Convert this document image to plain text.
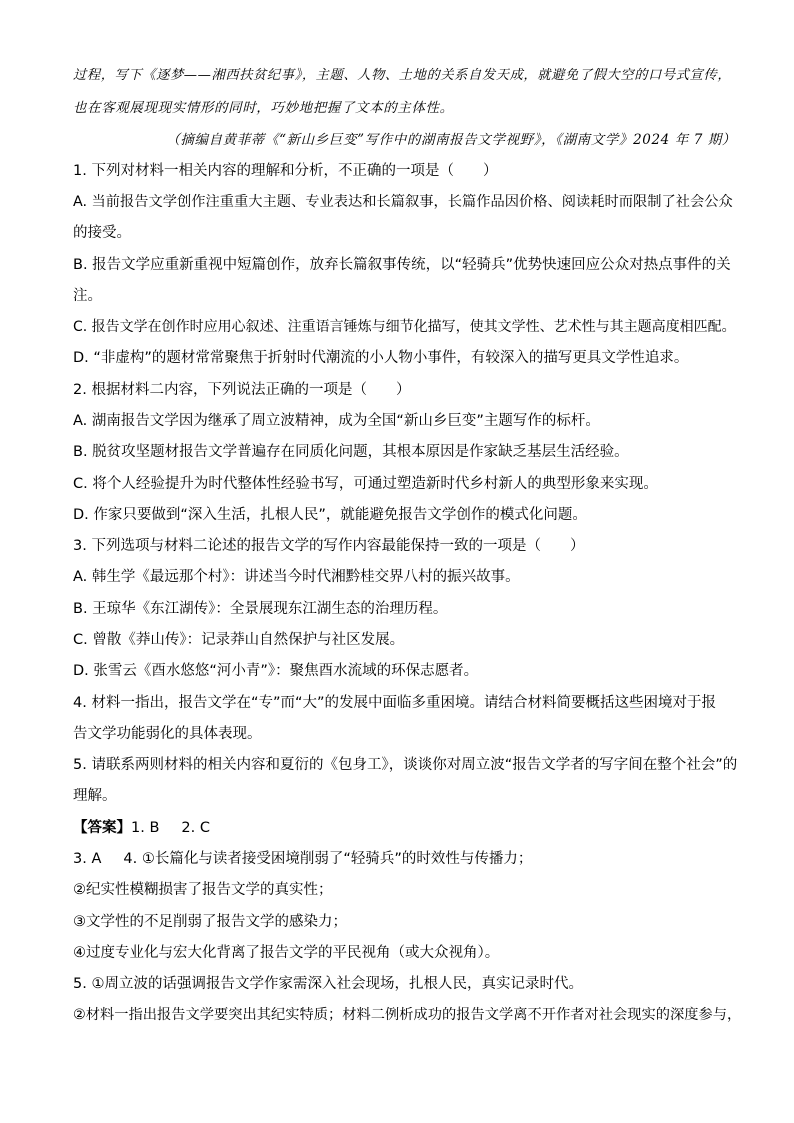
过程，写下《逐梦——湘西扶贫纪事》，主题、人物、土地的关系自发天成，就避免了假大空的口号式宣传，
也在客观展现现实情形的同时，巧妙地把握了文本的主体性。
（摘编自黄菲蒂《“新山乡巨变”写作中的湖南报告文学视野》，《湖南文学》2024 年 7 期）
1. 下列对材料一相关内容的理解和分析，不正确的一项是（　　）
A. 当前报告文学创作注重重大主题、专业表达和长篇叙事，长篇作品因价格、阅读耗时而限制了社会公众
的接受。
B. 报告文学应重新重视中短篇创作，放弃长篇叙事传统，以“轻骑兵”优势快速回应公众对热点事件的关
注。
C. 报告文学在创作时应用心叙述、注重语言锤炼与细节化描写，使其文学性、艺术性与其主题高度相匹配。
D. “非虚构”的题材常常聚焦于折射时代潮流的小人物小事件，有较深入的描写更具文学性追求。
2. 根据材料二内容，下列说法正确的一项是（　　）
A. 湖南报告文学因为继承了周立波精神，成为全国“新山乡巨变”主题写作的标杆。
B. 脱贫攻坚题材报告文学普遍存在同质化问题，其根本原因是作家缺乏基层生活经验。
C. 将个人经验提升为时代整体性经验书写，可通过塑造新时代乡村新人的典型形象来实现。
D. 作家只要做到“深入生活，扎根人民”，就能避免报告文学创作的模式化问题。
3. 下列选项与材料二论述的报告文学的写作内容最能保持一致的一项是（　　）
A. 韩生学《最远那个村》：讲述当今时代湘黔桂交界八村的振兴故事。
B. 王琼华《东江湖传》：全景展现东江湖生态的治理历程。
C. 曾散《莽山传》：记录莽山自然保护与社区发展。
D. 张雪云《酉水悠悠“河小青”》：聚焦酉水流域的环保志愿者。
4. 材料一指出，报告文学在“专”而“大”的发展中面临多重困境。请结合材料简要概括这些困境对于报
告文学功能弱化的具体表现。
5. 请联系两则材料的相关内容和夏衍的《包身工》，谈谈你对周立波“报告文学者的写字间在整个社会”的
理解。
【答案】1. B 2. C
3. A 4. ①长篇化与读者接受困境削弱了“轻骑兵”的时效性与传播力；
②纪实性模糊损害了报告文学的真实性；
③文学性的不足削弱了报告文学的感染力；
④过度专业化与宏大化背离了报告文学的平民视角（或大众视角）。
5. ①周立波的话强调报告文学作家需深入社会现场，扎根人民，真实记录时代。
②材料一指出报告文学要突出其纪实特质；材料二例析成功的报告文学离不开作者对社会现实的深度参与，
